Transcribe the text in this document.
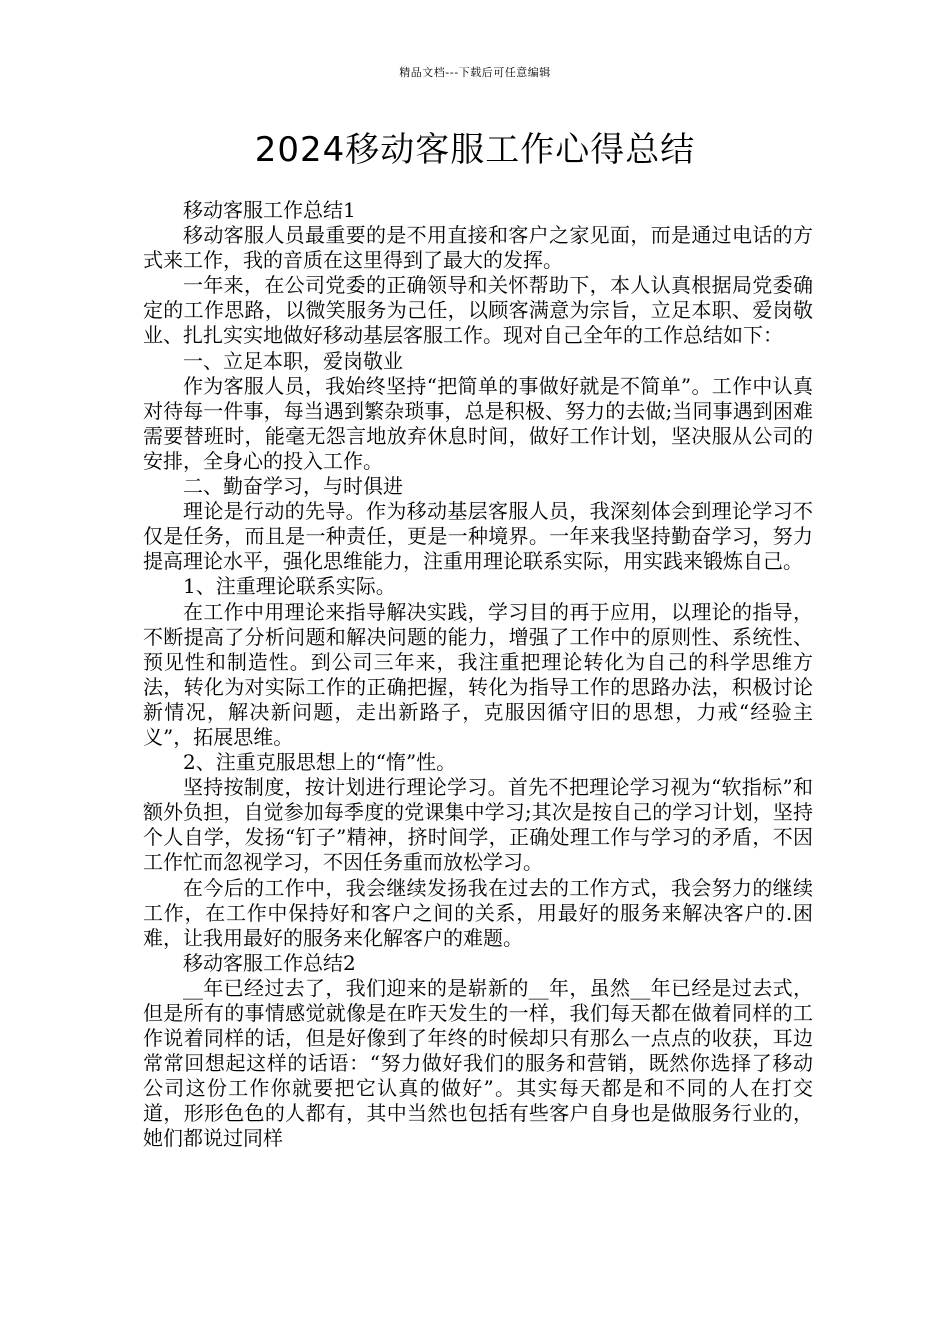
精品文档---下载后可任意编辑
2024移动客服工作心得总结

移动客服工作总结1

移动客服人员最重要的是不用直接和客户之家见面，而是通过电话的方式来工作，我的音质在这里得到了最大的发挥。

一年来，在公司党委的正确领导和关怀帮助下，本人认真根据局党委确定的工作思路，以微笑服务为己任，以顾客满意为宗旨，立足本职、爱岗敬业、扎扎实实地做好移动基层客服工作。现对自己全年的工作总结如下：

一、立足本职，爱岗敬业

作为客服人员，我始终坚持“把简单的事做好就是不简单”。工作中认真对待每一件事，每当遇到繁杂琐事，总是积极、努力的去做;当同事遇到困难需要替班时，能毫无怨言地放弃休息时间，做好工作计划，坚决服从公司的安排，全身心的投入工作。

二、勤奋学习，与时俱进

理论是行动的先导。作为移动基层客服人员，我深刻体会到理论学习不仅是任务，而且是一种责任，更是一种境界。一年来我坚持勤奋学习，努力提高理论水平，强化思维能力，注重用理论联系实际，用实践来锻炼自己。

1、注重理论联系实际。

在工作中用理论来指导解决实践，学习目的再于应用，以理论的指导，不断提高了分析问题和解决问题的能力，增强了工作中的原则性、系统性、预见性和制造性。到公司三年来，我注重把理论转化为自己的科学思维方法，转化为对实际工作的正确把握，转化为指导工作的思路办法，积极讨论新情况，解决新问题，走出新路子，克服因循守旧的思想，力戒“经验主义”，拓展思维。

2、注重克服思想上的“惰”性。

坚持按制度，按计划进行理论学习。首先不把理论学习视为“软指标”和额外负担，自觉参加每季度的党课集中学习;其次是按自己的学习计划，坚持个人自学，发扬“钉子”精神，挤时间学，正确处理工作与学习的矛盾，不因工作忙而忽视学习，不因任务重而放松学习。

在今后的工作中，我会继续发扬我在过去的工作方式，我会努力的继续工作，在工作中保持好和客户之间的关系，用最好的服务来解决客户的.困难，让我用最好的服务来化解客户的难题。

移动客服工作总结2

__年已经过去了，我们迎来的是崭新的__年，虽然__年已经是过去式，但是所有的事情感觉就像是在昨天发生的一样，我们每天都在做着同样的工作说着同样的话，但是好像到了年终的时候却只有那么一点点的收获，耳边常常回想起这样的话语：“努力做好我们的服务和营销，既然你选择了移动公司这份工作你就要把它认真的做好”。其实每天都是和不同的人在打交道，形形色色的人都有，其中当然也包括有些客户自身也是做服务行业的，她们都说过同样
